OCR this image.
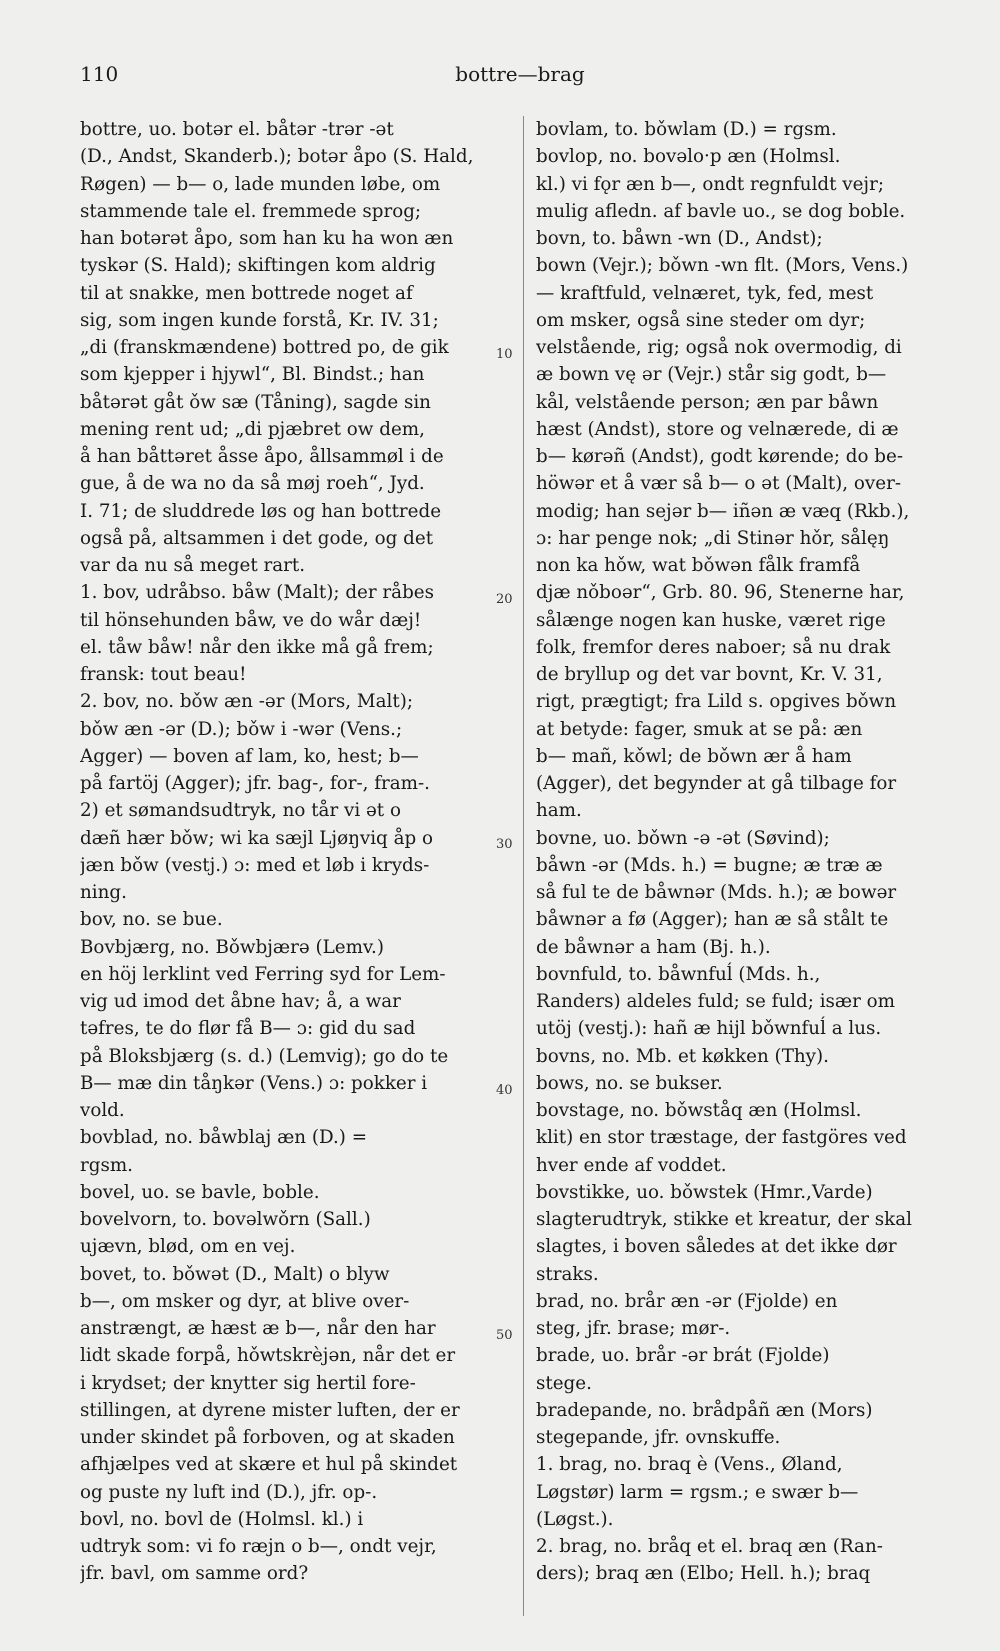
110	bottre—brag
bottre, uo. botər el. båtər -trər -ət
(D., Andst, Skanderb.); botər åpo (S. Hald,
Røgen) — b— o, lade munden løbe, om
stammende tale el. fremmede sprog;
han botərət åpo, som han ku ha won æn
tyskər (S. Hald); skiftingen kom aldrig
til at snakke, men bottrede noget af
sig, som ingen kunde forstå, Kr. IV. 31;
„di (franskmændene) bottred po, de gik
som kjepper i hjywl“, Bl. Bindst.; han
båtərət gåt ǒw sæ (Tåning), sagde sin
mening rent ud; „di pjæbret ow dem,
å han båttəret åsse åpo, ållsammøl i de
gue, å de wa no da så møj roeh“, Jyd.
I. 71; de sluddrede løs og han bottrede
også på, altsammen i det gode, og det
var da nu så meget rart.
1. bov, udråbso. båw (Malt); der råbes
til hönsehunden båw, ve do wår dæj!
el. tåw båw! når den ikke må gå frem;
fransk: tout beau!
2. bov, no. bǒw æn -ər (Mors, Malt);
bǒw æn -ər (D.); bǒw i -wər (Vens.;
Agger) — boven af lam, ko, hest; b—
på fartöj (Agger); jfr. bag-, for-, fram-.
2) et sømandsudtryk, no tår vi ət o
dæñ hær bǒw; wi ka sæjl Ljøŋviq åp o
jæn bǒw (vestj.) ɔ: med et løb i kryds-
ning.
bov, no. se bue.
Bovbjærg, no. Bǒwbjærə (Lemv.)
en höj lerklint ved Ferring syd for Lem-
vig ud imod det åbne hav; å, a war
təfres, te do flør få B— ɔ: gid du sad
på Bloksbjærg (s. d.) (Lemvig); go do te
B— mæ din tåŋkər (Vens.) ɔ: pokker i
vold.
bovblad, no. båwblaj æn (D.) =
rgsm.
bovel, uo. se bavle, boble.
bovelvorn, to. bovəlwǒrn (Sall.)
ujævn, blød, om en vej.
bovet, to. bǒwət (D., Malt) o blyw
b—, om msker og dyr, at blive over-
anstrængt, æ hæst æ b—, når den har
lidt skade forpå, hǒwtskrèjən, når det er
i krydset; der knytter sig hertil fore-
stillingen, at dyrene mister luften, der er
under skindet på forboven, og at skaden
afhjælpes ved at skære et hul på skindet
og puste ny luft ind (D.), jfr. op-.
bovl, no. bovl de (Holmsl. kl.) i
udtryk som: vi fo ræjn o b—, ondt vejr,
jfr. bavl, om samme ord?
bovlam, to. bǒwlam (D.) = rgsm.
bovlop, no. bovəlo·p æn (Holmsl.
kl.) vi fǫr æn b—, ondt regnfuldt vejr;
mulig afledn. af bavle uo., se dog boble.
bovn, to. båwn -wn (D., Andst);
bown (Vejr.); bǒwn -wn flt. (Mors, Vens.)
— kraftfuld, velnæret, tyk, fed, mest
om msker, også sine steder om dyr;
velstående, rig; også nok overmodig, di
æ bown vę ər (Vejr.) står sig godt, b—
kål, velstående person; æn par båwn
hæst (Andst), store og velnærede, di æ
b— kørəñ (Andst), godt kørende; do be-
höwər et å vær så b— o ət (Malt), over-
modig; han sejər b— iñən æ væq (Rkb.),
ɔ: har penge nok; „di Stinər hǒr, sålęŋ
non ka hǒw, wat bǒwən fålk framfå
djæ nǒboər“, Grb. 80. 96, Stenerne har,
sålænge nogen kan huske, været rige
folk, fremfor deres naboer; så nu drak
de bryllup og det var bovnt, Kr. V. 31,
rigt, prægtigt; fra Lild s. opgives bǒwn
at betyde: fager, smuk at se på: æn
b— mañ, kǒwl; de bǒwn ær å ham
(Agger), det begynder at gå tilbage for
ham.
bovne, uo. bǒwn -ə -ət (Søvind);
båwn -ər (Mds. h.) = bugne; æ træ æ
så ful te de båwnər (Mds. h.); æ bowər
båwnər a fø (Agger); han æ så stålt te
de båwnər a ham (Bj. h.).
bovnfuld, to. båwnfuĺ (Mds. h.,
Randers) aldeles fuld; se fuld; især om
utöj (vestj.): hañ æ hijl bǒwnfuĺ a lus.
bovns, no. Mb. et køkken (Thy).
bows, no. se bukser.
bovstage, no. bǒwståq æn (Holmsl.
klit) en stor træstage, der fastgöres ved
hver ende af voddet.
bovstikke, uo. bǒwstek (Hmr.,Varde)
slagterudtryk, stikke et kreatur, der skal
slagtes, i boven således at det ikke dør
straks.
brad, no. brår æn -ər (Fjolde) en
steg, jfr. brase; mør-.
brade, uo. brår -ər brát (Fjolde)
stege.
bradepande, no. brådpåñ æn (Mors)
stegepande, jfr. ovnskuffe.
1. brag, no. braq è (Vens., Øland,
Løgstør) larm = rgsm.; e swær b—
(Løgst.).
2. brag, no. bråq et el. braq æn (Ran-
ders); braq æn (Elbo; Hell. h.); braq
10
20
30
40
50
